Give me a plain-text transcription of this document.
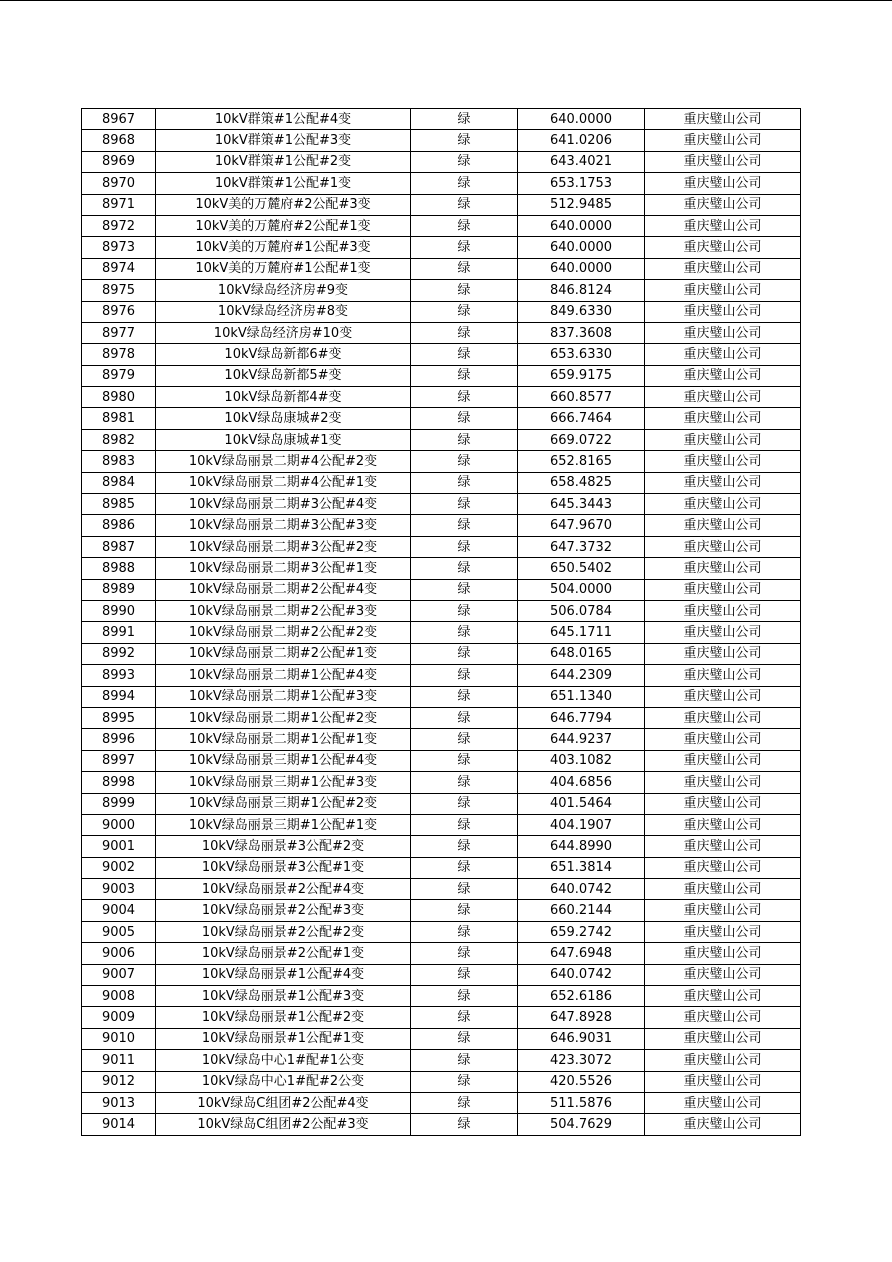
8967	10kV群策#1公配#4变	绿	640.0000	重庆璧山公司
8968	10kV群策#1公配#3变	绿	641.0206	重庆璧山公司
8969	10kV群策#1公配#2变	绿	643.4021	重庆璧山公司
8970	10kV群策#1公配#1变	绿	653.1753	重庆璧山公司
8971	10kV美的万麓府#2公配#3变	绿	512.9485	重庆璧山公司
8972	10kV美的万麓府#2公配#1变	绿	640.0000	重庆璧山公司
8973	10kV美的万麓府#1公配#3变	绿	640.0000	重庆璧山公司
8974	10kV美的万麓府#1公配#1变	绿	640.0000	重庆璧山公司
8975	10kV绿岛经济房#9变	绿	846.8124	重庆璧山公司
8976	10kV绿岛经济房#8变	绿	849.6330	重庆璧山公司
8977	10kV绿岛经济房#10变	绿	837.3608	重庆璧山公司
8978	10kV绿岛新都6#变	绿	653.6330	重庆璧山公司
8979	10kV绿岛新都5#变	绿	659.9175	重庆璧山公司
8980	10kV绿岛新都4#变	绿	660.8577	重庆璧山公司
8981	10kV绿岛康城#2变	绿	666.7464	重庆璧山公司
8982	10kV绿岛康城#1变	绿	669.0722	重庆璧山公司
8983	10kV绿岛丽景二期#4公配#2变	绿	652.8165	重庆璧山公司
8984	10kV绿岛丽景二期#4公配#1变	绿	658.4825	重庆璧山公司
8985	10kV绿岛丽景二期#3公配#4变	绿	645.3443	重庆璧山公司
8986	10kV绿岛丽景二期#3公配#3变	绿	647.9670	重庆璧山公司
8987	10kV绿岛丽景二期#3公配#2变	绿	647.3732	重庆璧山公司
8988	10kV绿岛丽景二期#3公配#1变	绿	650.5402	重庆璧山公司
8989	10kV绿岛丽景二期#2公配#4变	绿	504.0000	重庆璧山公司
8990	10kV绿岛丽景二期#2公配#3变	绿	506.0784	重庆璧山公司
8991	10kV绿岛丽景二期#2公配#2变	绿	645.1711	重庆璧山公司
8992	10kV绿岛丽景二期#2公配#1变	绿	648.0165	重庆璧山公司
8993	10kV绿岛丽景二期#1公配#4变	绿	644.2309	重庆璧山公司
8994	10kV绿岛丽景二期#1公配#3变	绿	651.1340	重庆璧山公司
8995	10kV绿岛丽景二期#1公配#2变	绿	646.7794	重庆璧山公司
8996	10kV绿岛丽景二期#1公配#1变	绿	644.9237	重庆璧山公司
8997	10kV绿岛丽景三期#1公配#4变	绿	403.1082	重庆璧山公司
8998	10kV绿岛丽景三期#1公配#3变	绿	404.6856	重庆璧山公司
8999	10kV绿岛丽景三期#1公配#2变	绿	401.5464	重庆璧山公司
9000	10kV绿岛丽景三期#1公配#1变	绿	404.1907	重庆璧山公司
9001	10kV绿岛丽景#3公配#2变	绿	644.8990	重庆璧山公司
9002	10kV绿岛丽景#3公配#1变	绿	651.3814	重庆璧山公司
9003	10kV绿岛丽景#2公配#4变	绿	640.0742	重庆璧山公司
9004	10kV绿岛丽景#2公配#3变	绿	660.2144	重庆璧山公司
9005	10kV绿岛丽景#2公配#2变	绿	659.2742	重庆璧山公司
9006	10kV绿岛丽景#2公配#1变	绿	647.6948	重庆璧山公司
9007	10kV绿岛丽景#1公配#4变	绿	640.0742	重庆璧山公司
9008	10kV绿岛丽景#1公配#3变	绿	652.6186	重庆璧山公司
9009	10kV绿岛丽景#1公配#2变	绿	647.8928	重庆璧山公司
9010	10kV绿岛丽景#1公配#1变	绿	646.9031	重庆璧山公司
9011	10kV绿岛中心1#配#1公变	绿	423.3072	重庆璧山公司
9012	10kV绿岛中心1#配#2公变	绿	420.5526	重庆璧山公司
9013	10kV绿岛C组团#2公配#4变	绿	511.5876	重庆璧山公司
9014	10kV绿岛C组团#2公配#3变	绿	504.7629	重庆璧山公司
